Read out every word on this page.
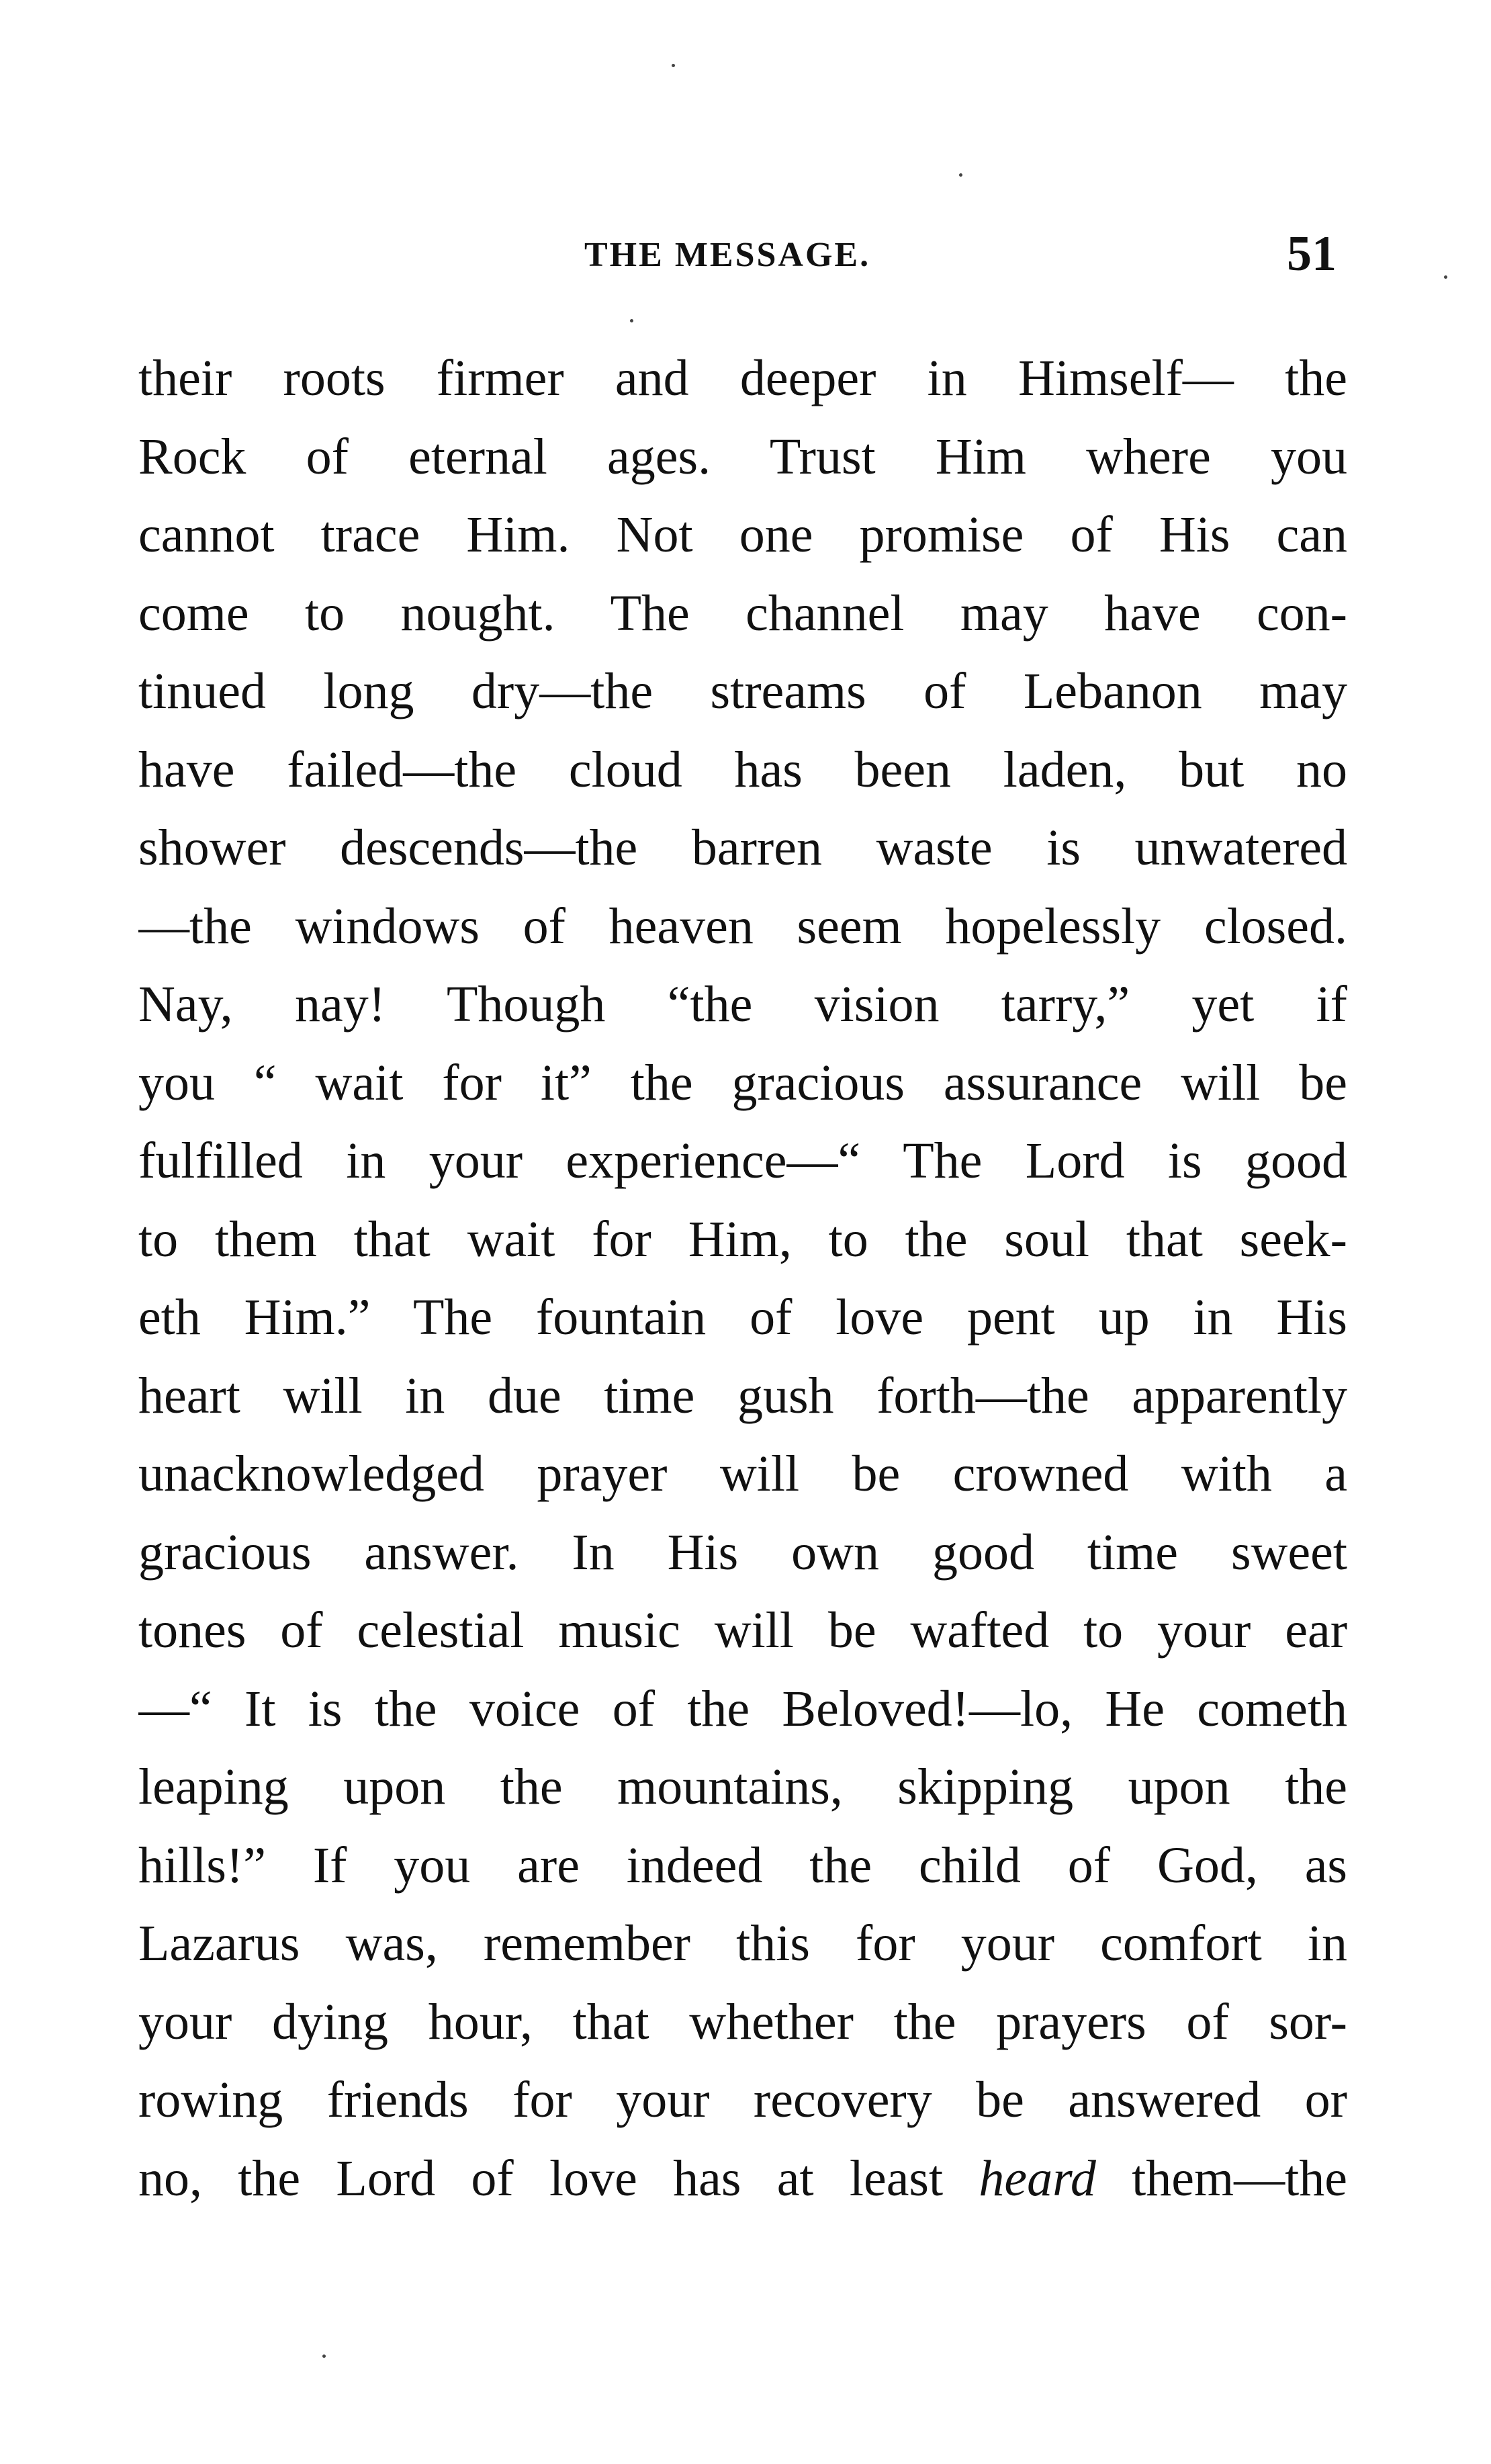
THE MESSAGE.	51
their roots firmer and deeper in Himself— the
Rock of eternal ages. Trust Him where you
cannot trace Him. Not one promise of His can
come to nought. The channel may have con-
tinued long dry—the streams of Lebanon may
have failed—the cloud has been laden, but no
shower descends—the barren waste is unwatered
—the windows of heaven seem hopelessly closed.
Nay, nay! Though “the vision tarry,” yet if
you “ wait for it” the gracious assurance will be
fulfilled in your experience—“ The Lord is good
to them that wait for Him, to the soul that seek-
eth Him.” The fountain of love pent up in His
heart will in due time gush forth—the apparently
unacknowledged prayer will be crowned with a
gracious answer. In His own good time sweet
tones of celestial music will be wafted to your ear
—“ It is the voice of the Beloved!—lo, He cometh
leaping upon the mountains, skipping upon the
hills!” If you are indeed the child of God, as
Lazarus was, remember this for your comfort in
your dying hour, that whether the prayers of sor-
rowing friends for your recovery be answered or
no, the Lord of love has at least heard them—the
